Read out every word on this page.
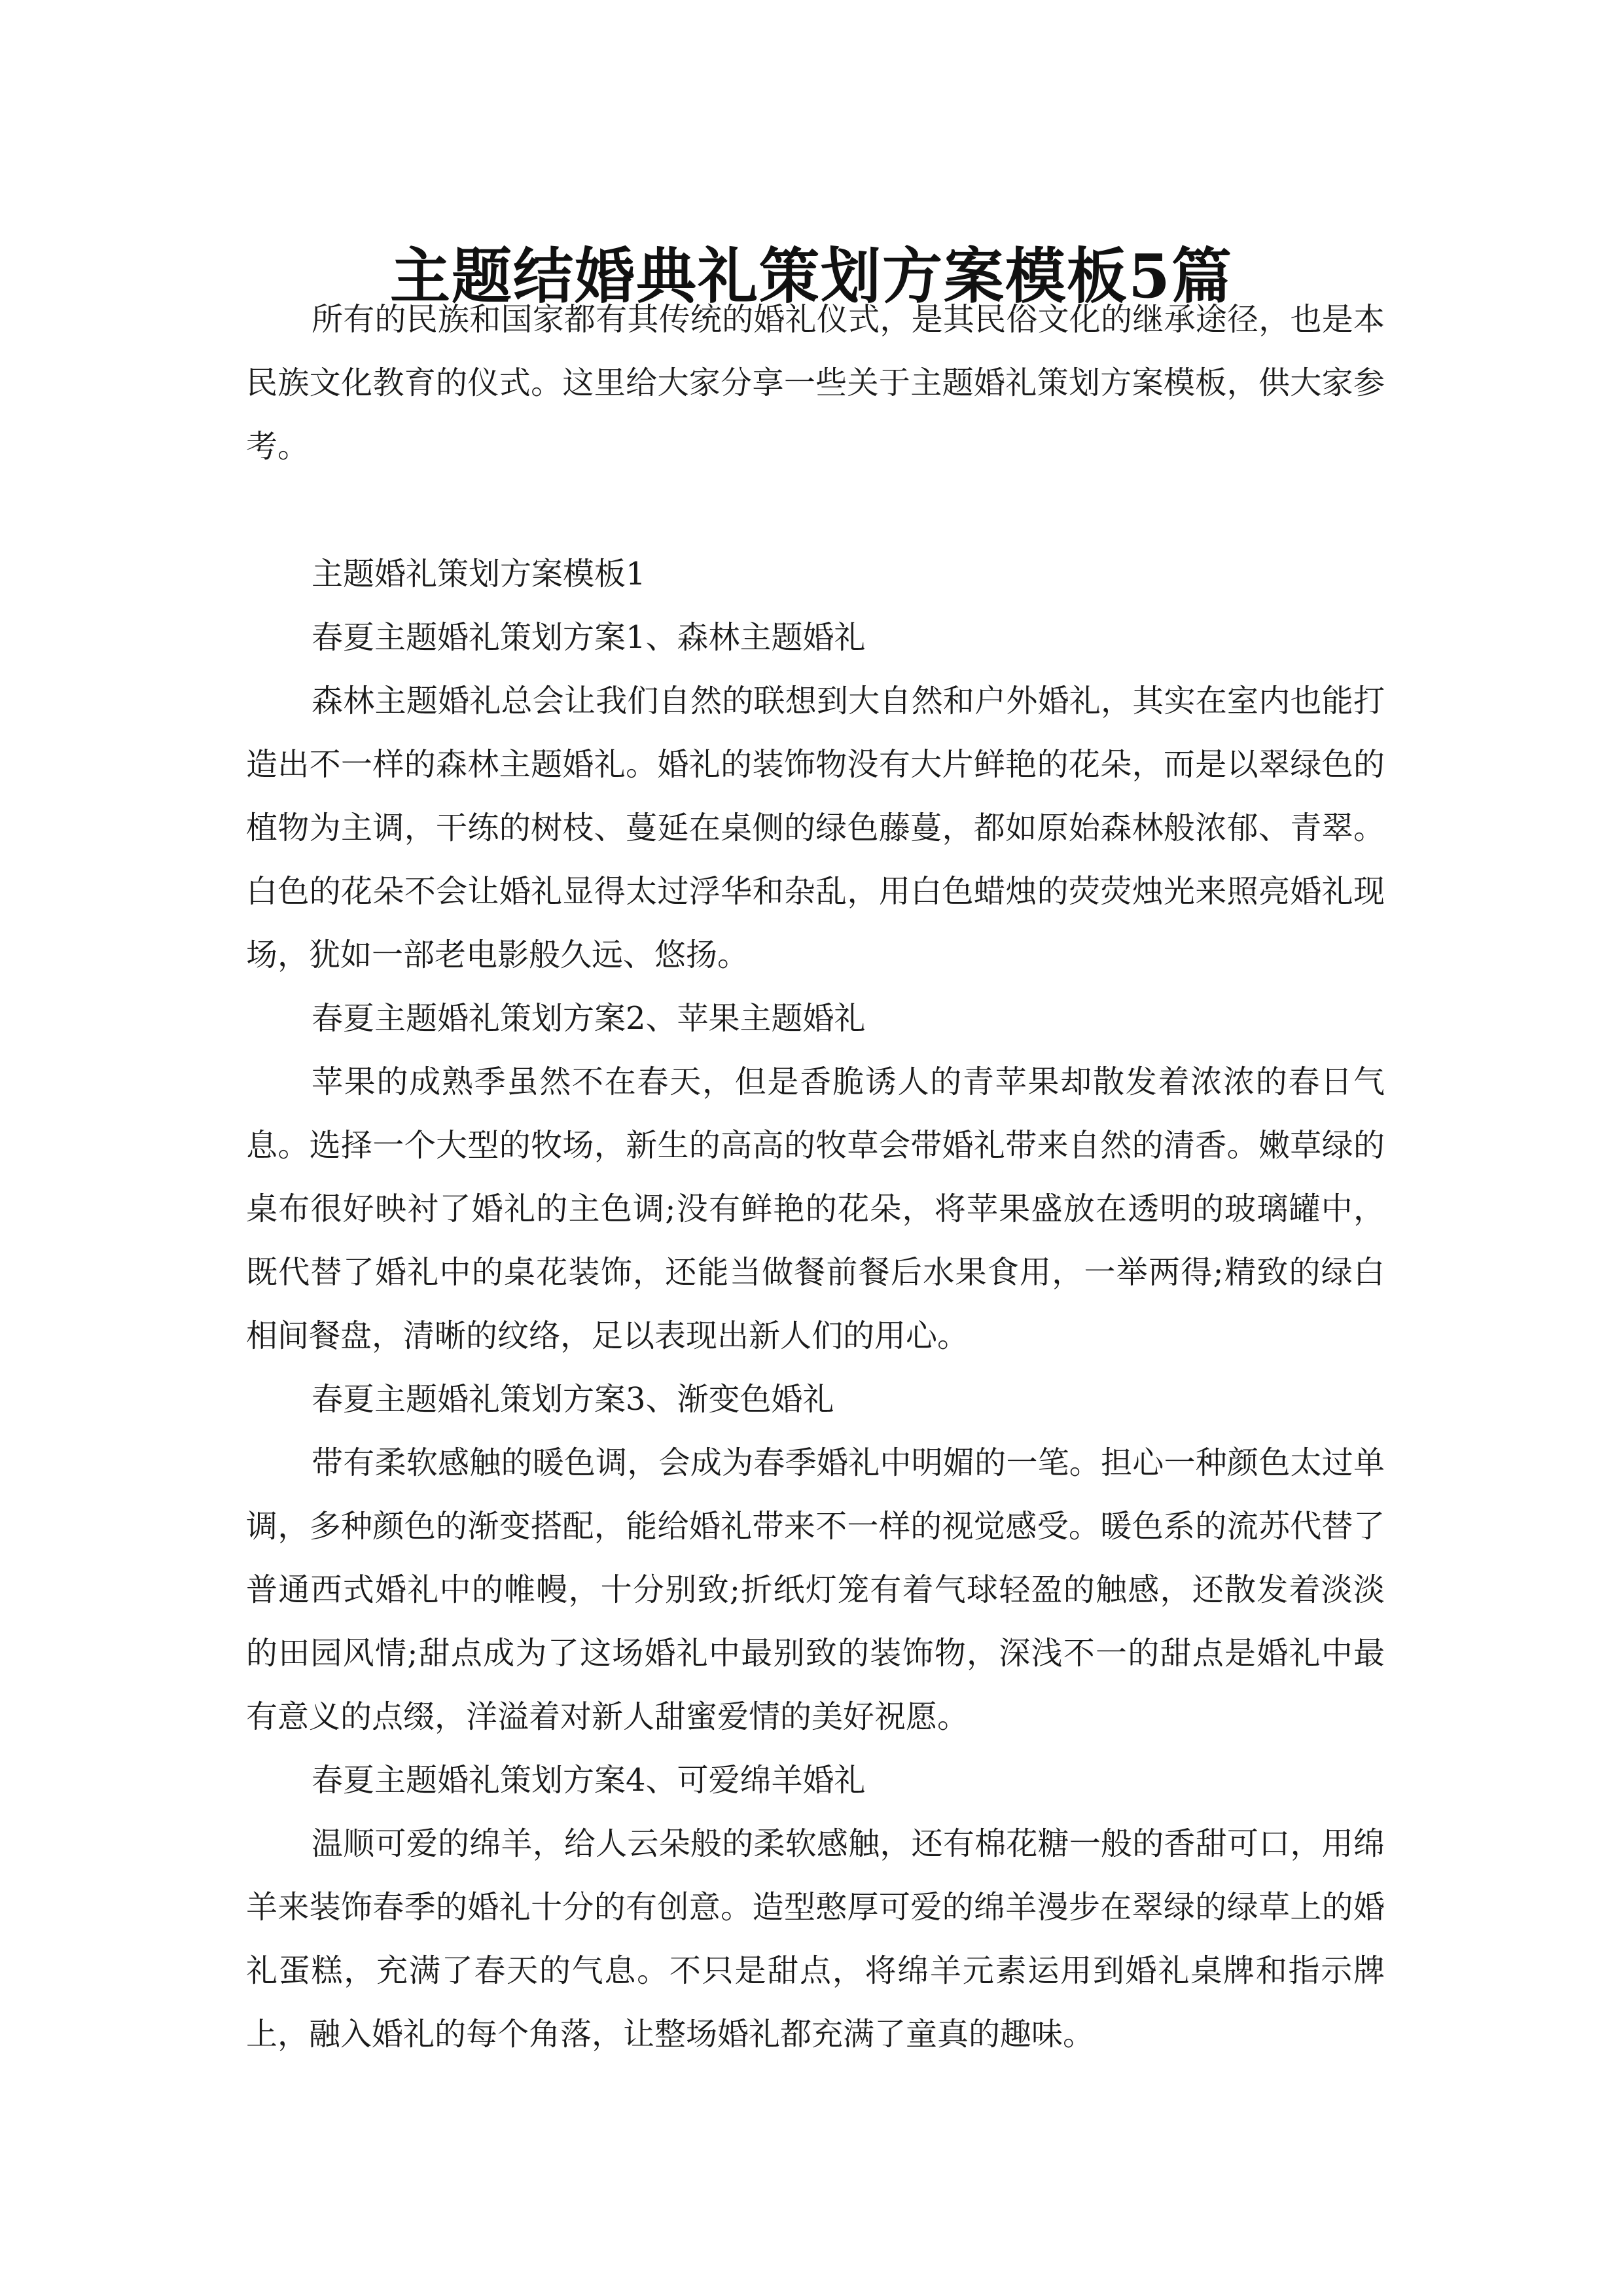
主题结婚典礼策划方案模板5篇

所有的民族和国家都有其传统的婚礼仪式，是其民俗文化的继承途径，也是本民族文化教育的仪式。这里给大家分享一些关于主题婚礼策划方案模板，供大家参考。

主题婚礼策划方案模板1

春夏主题婚礼策划方案1、森林主题婚礼

森林主题婚礼总会让我们自然的联想到大自然和户外婚礼，其实在室内也能打造出不一样的森林主题婚礼。婚礼的装饰物没有大片鲜艳的花朵，而是以翠绿色的植物为主调，干练的树枝、蔓延在桌侧的绿色藤蔓，都如原始森林般浓郁、青翠。白色的花朵不会让婚礼显得太过浮华和杂乱，用白色蜡烛的荧荧烛光来照亮婚礼现场，犹如一部老电影般久远、悠扬。

春夏主题婚礼策划方案2、苹果主题婚礼

苹果的成熟季虽然不在春天，但是香脆诱人的青苹果却散发着浓浓的春日气息。选择一个大型的牧场，新生的高高的牧草会带婚礼带来自然的清香。嫩草绿的桌布很好映衬了婚礼的主色调;没有鲜艳的花朵，将苹果盛放在透明的玻璃罐中，既代替了婚礼中的桌花装饰，还能当做餐前餐后水果食用，一举两得;精致的绿白相间餐盘，清晰的纹络，足以表现出新人们的用心。

春夏主题婚礼策划方案3、渐变色婚礼

带有柔软感触的暖色调，会成为春季婚礼中明媚的一笔。担心一种颜色太过单调，多种颜色的渐变搭配，能给婚礼带来不一样的视觉感受。暖色系的流苏代替了普通西式婚礼中的帷幔，十分别致;折纸灯笼有着气球轻盈的触感，还散发着淡淡的田园风情;甜点成为了这场婚礼中最别致的装饰物，深浅不一的甜点是婚礼中最有意义的点缀，洋溢着对新人甜蜜爱情的美好祝愿。

春夏主题婚礼策划方案4、可爱绵羊婚礼

温顺可爱的绵羊，给人云朵般的柔软感触，还有棉花糖一般的香甜可口，用绵羊来装饰春季的婚礼十分的有创意。造型憨厚可爱的绵羊漫步在翠绿的绿草上的婚礼蛋糕，充满了春天的气息。不只是甜点，将绵羊元素运用到婚礼桌牌和指示牌上，融入婚礼的每个角落，让整场婚礼都充满了童真的趣味。
